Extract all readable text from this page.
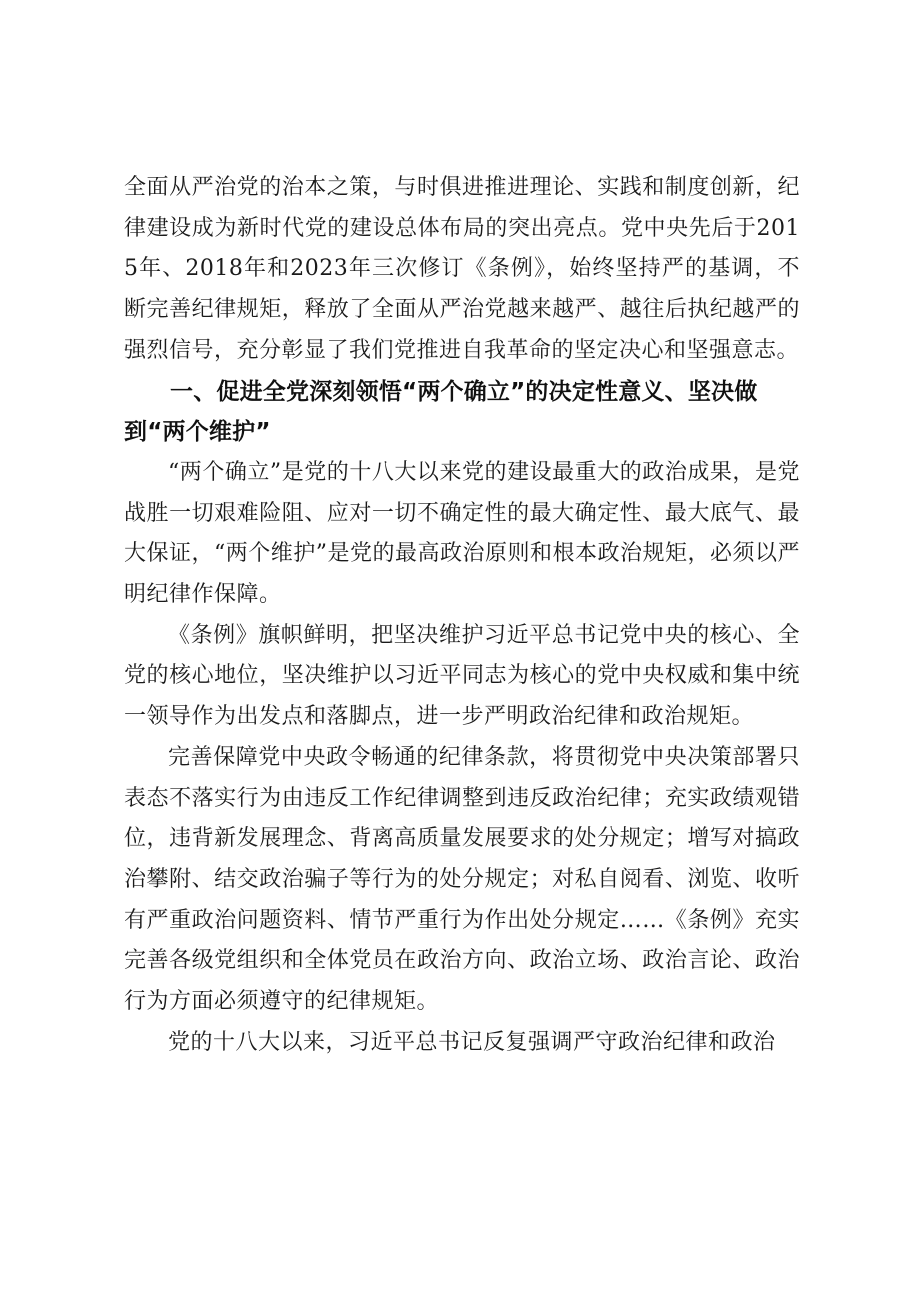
全面从严治党的治本之策，与时俱进推进理论、实践和制度创新，纪律建设成为新时代党的建设总体布局的突出亮点。党中央先后于2015年、2018年和2023年三次修订《条例》，始终坚持严的基调，不断完善纪律规矩，释放了全面从严治党越来越严、越往后执纪越严的强烈信号，充分彰显了我们党推进自我革命的坚定决心和坚强意志。

一、促进全党深刻领悟“两个确立”的决定性意义、坚决做到“两个维护”

“两个确立”是党的十八大以来党的建设最重大的政治成果，是党战胜一切艰难险阻、应对一切不确定性的最大确定性、最大底气、最大保证，“两个维护”是党的最高政治原则和根本政治规矩，必须以严明纪律作保障。

《条例》旗帜鲜明，把坚决维护习近平总书记党中央的核心、全党的核心地位，坚决维护以习近平同志为核心的党中央权威和集中统一领导作为出发点和落脚点，进一步严明政治纪律和政治规矩。

完善保障党中央政令畅通的纪律条款，将贯彻党中央决策部署只表态不落实行为由违反工作纪律调整到违反政治纪律；充实政绩观错位，违背新发展理念、背离高质量发展要求的处分规定；增写对搞政治攀附、结交政治骗子等行为的处分规定；对私自阅看、浏览、收听有严重政治问题资料、情节严重行为作出处分规定……《条例》充实完善各级党组织和全体党员在政治方向、政治立场、政治言论、政治行为方面必须遵守的纪律规矩。

党的十八大以来，习近平总书记反复强调严守政治纪律和政治
